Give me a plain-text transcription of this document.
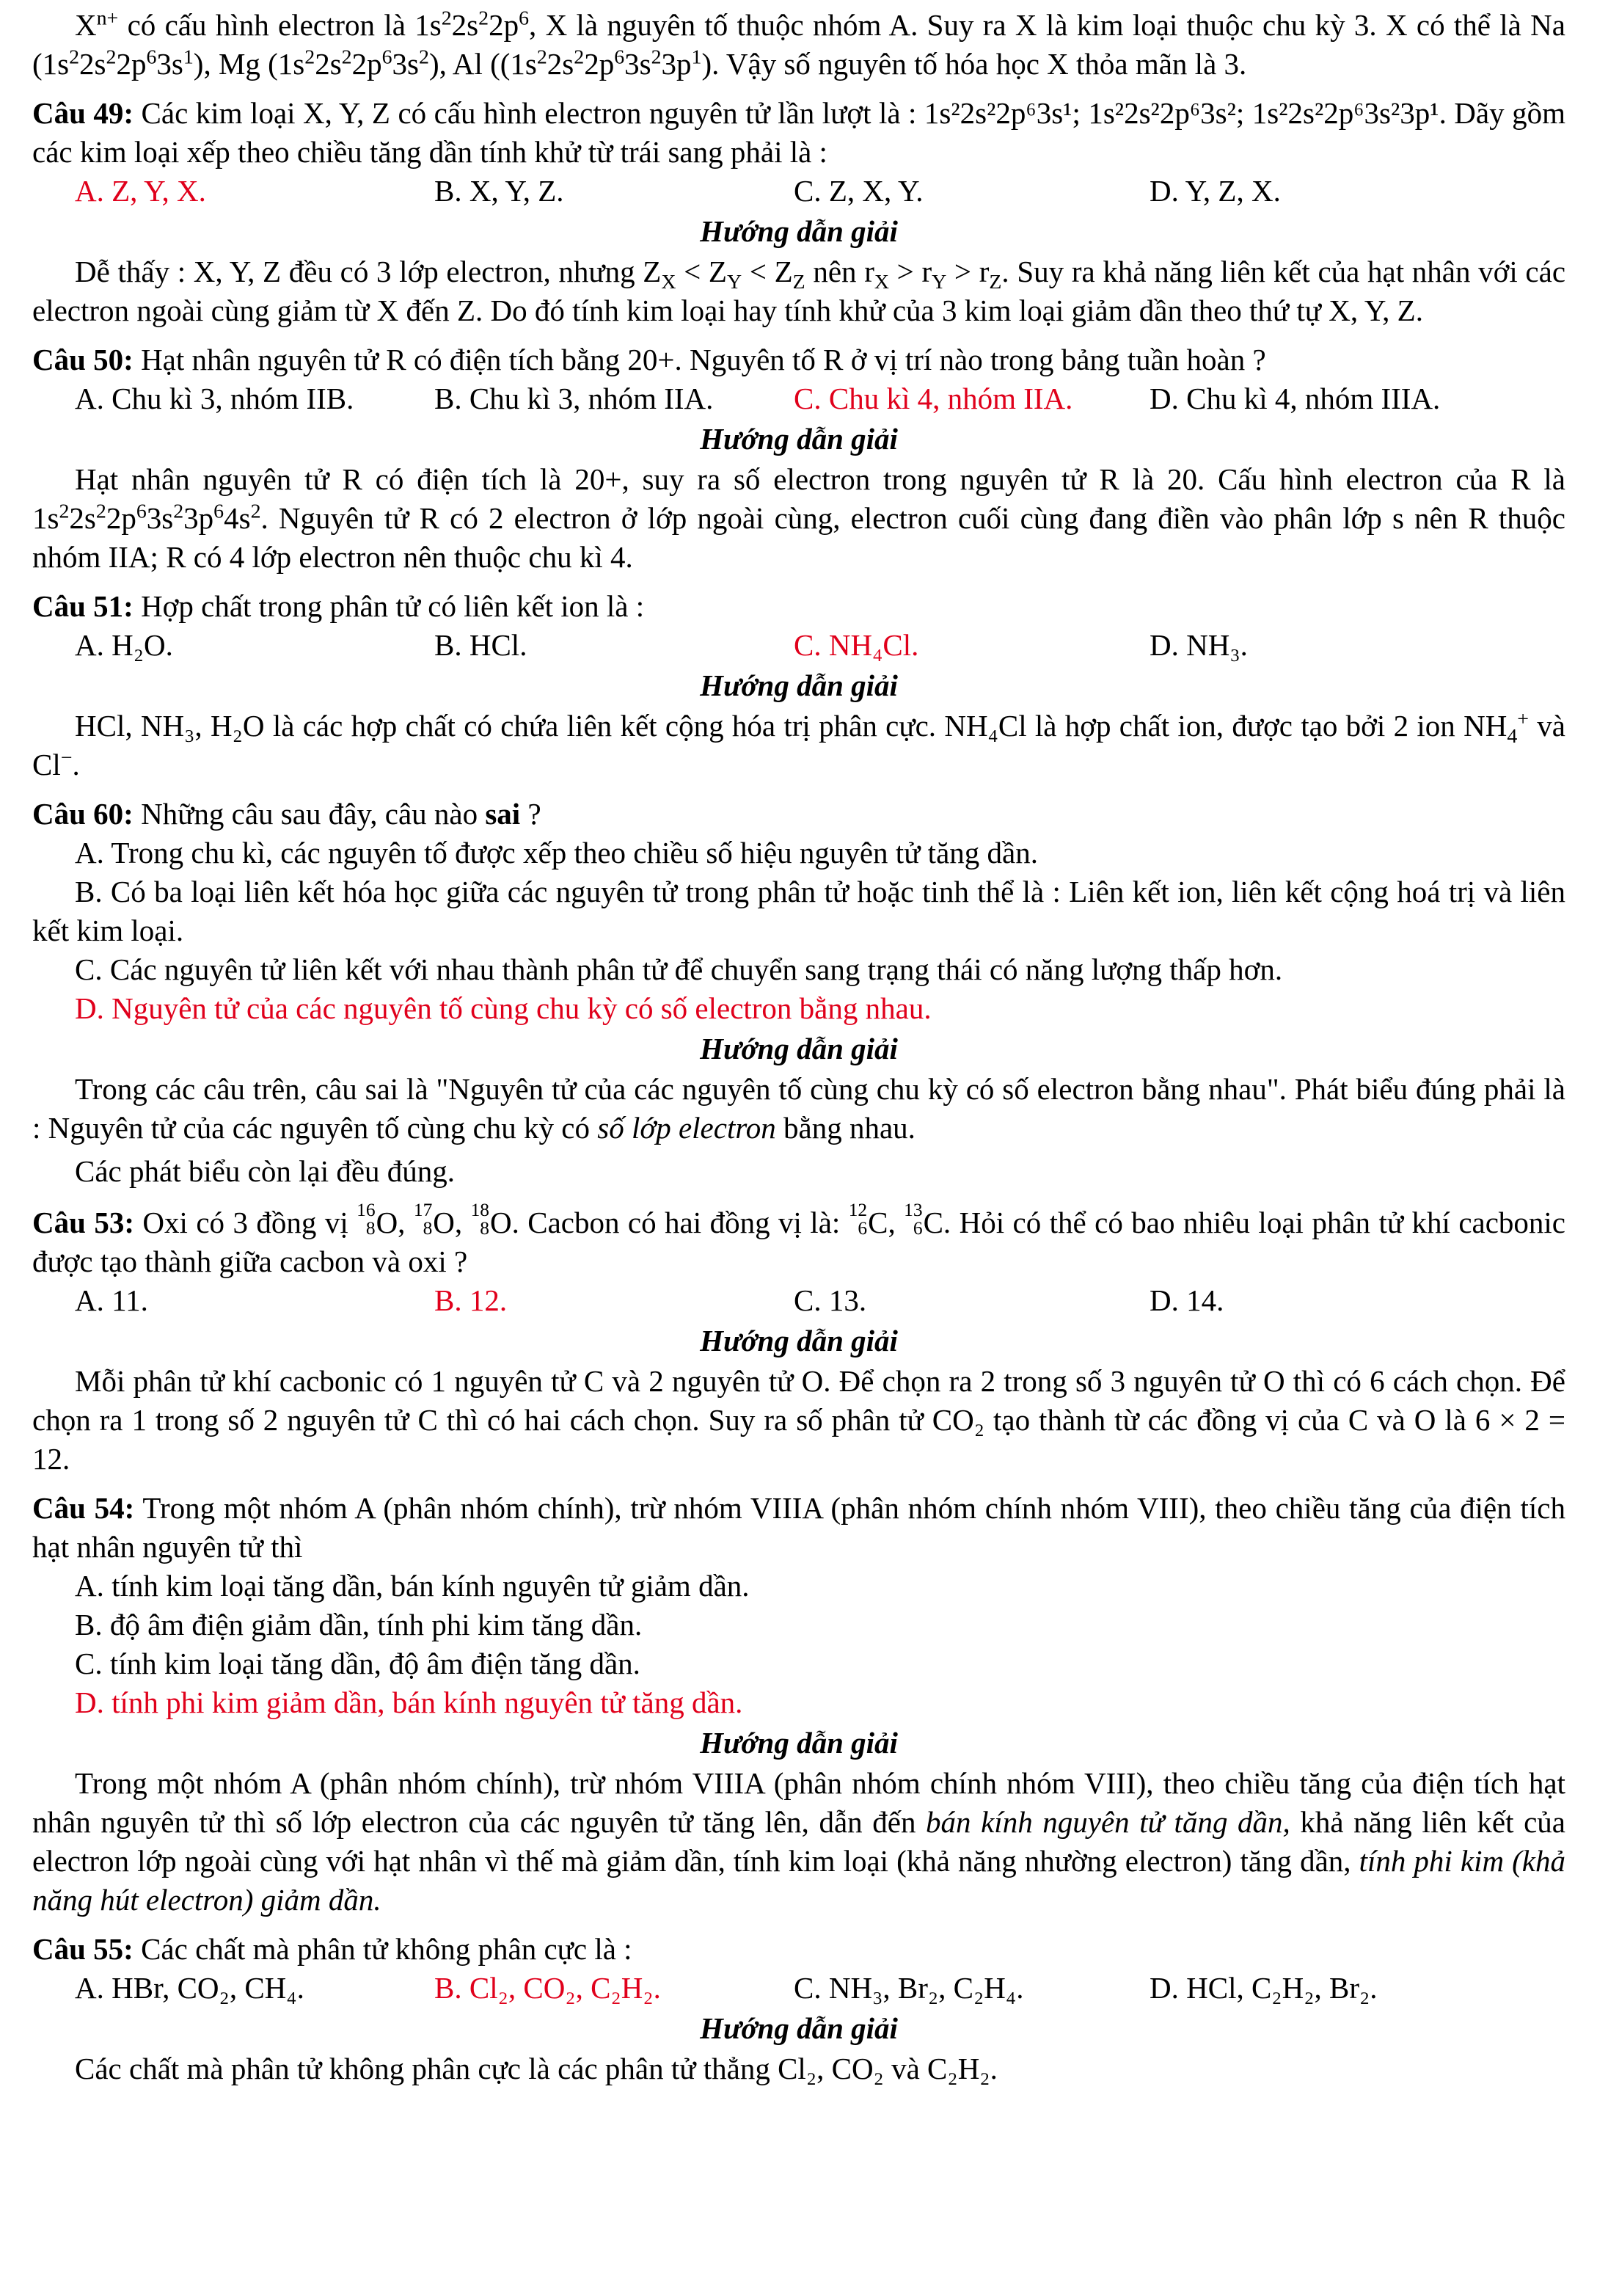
$X^{n+}$ có cấu hình electron là $1s^22s^22p^6$, X là nguyên tố thuộc nhóm A. Suy ra X là kim loại thuộc chu kỳ 3. X có thể là Na $(1s^22s^22p^63s^1)$, Mg $(1s^22s^22p^63s^2)$, Al ($(1s^22s^22p^63s^23p^1)$. Vậy số nguyên tố hóa học X thỏa mãn là 3.

Câu 49: Các kim loại X, Y, Z có cấu hình electron nguyên tử lần lượt là : 1s²2s²2p⁶3s¹; 1s²2s²2p⁶3s²; 1s²2s²2p⁶3s²3p¹. Dãy gồm các kim loại xếp theo chiều tăng dần tính khử từ trái sang phải là :

A. Z, Y, X.	B. X, Y, Z.	C. Z, X, Y.	D. Y, Z, X.
Hướng dẫn giải

Dễ thấy : X, Y, Z đều có 3 lớp electron, nhưng $Z_X < Z_Y < Z_Z$ nên $r_X > r_Y > r_Z$. Suy ra khả năng liên kết của hạt nhân với các electron ngoài cùng giảm từ X đến Z. Do đó tính kim loại hay tính khử của 3 kim loại giảm dần theo thứ tự X, Y, Z.

Câu 50: Hạt nhân nguyên tử R có điện tích bằng 20+. Nguyên tố R ở vị trí nào trong bảng tuần hoàn ?

A. Chu kì 3, nhóm IIB.	B. Chu kì 3, nhóm IIA.	C. Chu kì 4, nhóm IIA.	D. Chu kì 4, nhóm IIIA.
Hướng dẫn giải

Hạt nhân nguyên tử R có điện tích là 20+, suy ra số electron trong nguyên tử R là 20. Cấu hình electron của R là $1s^22s^22p^63s^23p^64s^2$. Nguyên tử R có 2 electron ở lớp ngoài cùng, electron cuối cùng đang điền vào phân lớp s nên R thuộc nhóm IIA; R có 4 lớp electron nên thuộc chu kì 4.

Câu 51: Hợp chất trong phân tử có liên kết ion là :

A. H₂O.	B. HCl.	C. NH₄Cl.	D. NH₃.
Hướng dẫn giải

HCl, NH₃, H₂O là các hợp chất có chứa liên kết cộng hóa trị phân cực. NH₄Cl là hợp chất ion, được tạo bởi 2 ion $NH_4^+$ và Cl−.

Câu 60: Những câu sau đây, câu nào sai ?

A. Trong chu kì, các nguyên tố được xếp theo chiều số hiệu nguyên tử tăng dần.

B. Có ba loại liên kết hóa học giữa các nguyên tử trong phân tử hoặc tinh thể là : Liên kết ion, liên kết cộng hoá trị và liên kết kim loại.

C. Các nguyên tử liên kết với nhau thành phân tử để chuyển sang trạng thái có năng lượng thấp hơn.

D. Nguyên tử của các nguyên tố cùng chu kỳ có số electron bằng nhau.

Hướng dẫn giải

Trong các câu trên, câu sai là "Nguyên tử của các nguyên tố cùng chu kỳ có số electron bằng nhau". Phát biểu đúng phải là : Nguyên tử của các nguyên tố cùng chu kỳ có số lớp electron bằng nhau.

Các phát biểu còn lại đều đúng.

Câu 53: Oxi có 3 đồng vị 16
8 O, 17
8 O, 18
8 O. Cacbon có hai đồng vị là: 12
6 C, 13
6 C. Hỏi có thể có bao nhiêu loại phân tử khí cacbonic được tạo thành giữa cacbon và oxi ?

A. 11.	B. 12.	C. 13.	D. 14.
Hướng dẫn giải

Mỗi phân tử khí cacbonic có 1 nguyên tử C và 2 nguyên tử O. Để chọn ra 2 trong số 3 nguyên tử O thì có 6 cách chọn. Để chọn ra 1 trong số 2 nguyên tử C thì có hai cách chọn. Suy ra số phân tử CO₂ tạo thành từ các đồng vị của C và O là 6 × 2 = 12.

Câu 54: Trong một nhóm A (phân nhóm chính), trừ nhóm VIIIA (phân nhóm chính nhóm VIII), theo chiều tăng của điện tích hạt nhân nguyên tử thì

A. tính kim loại tăng dần, bán kính nguyên tử giảm dần.

B. độ âm điện giảm dần, tính phi kim tăng dần.

C. tính kim loại tăng dần, độ âm điện tăng dần.

D. tính phi kim giảm dần, bán kính nguyên tử tăng dần.

Hướng dẫn giải

Trong một nhóm A (phân nhóm chính), trừ nhóm VIIIA (phân nhóm chính nhóm VIII), theo chiều tăng của điện tích hạt nhân nguyên tử thì số lớp electron của các nguyên tử tăng lên, dẫn đến bán kính nguyên tử tăng dần, khả năng liên kết của electron lớp ngoài cùng với hạt nhân vì thế mà giảm dần, tính kim loại (khả năng nhường electron) tăng dần, tính phi kim (khả năng hút electron) giảm dần.

Câu 55: Các chất mà phân tử không phân cực là :

A. HBr, CO₂, CH₄.	B. Cl₂, CO₂, C₂H₂.	C. NH₃, Br₂, C₂H₄.	D. HCl, C₂H₂, Br₂.
Hướng dẫn giải

Các chất mà phân tử không phân cực là các phân tử thẳng Cl₂, CO₂ và C₂H₂.
